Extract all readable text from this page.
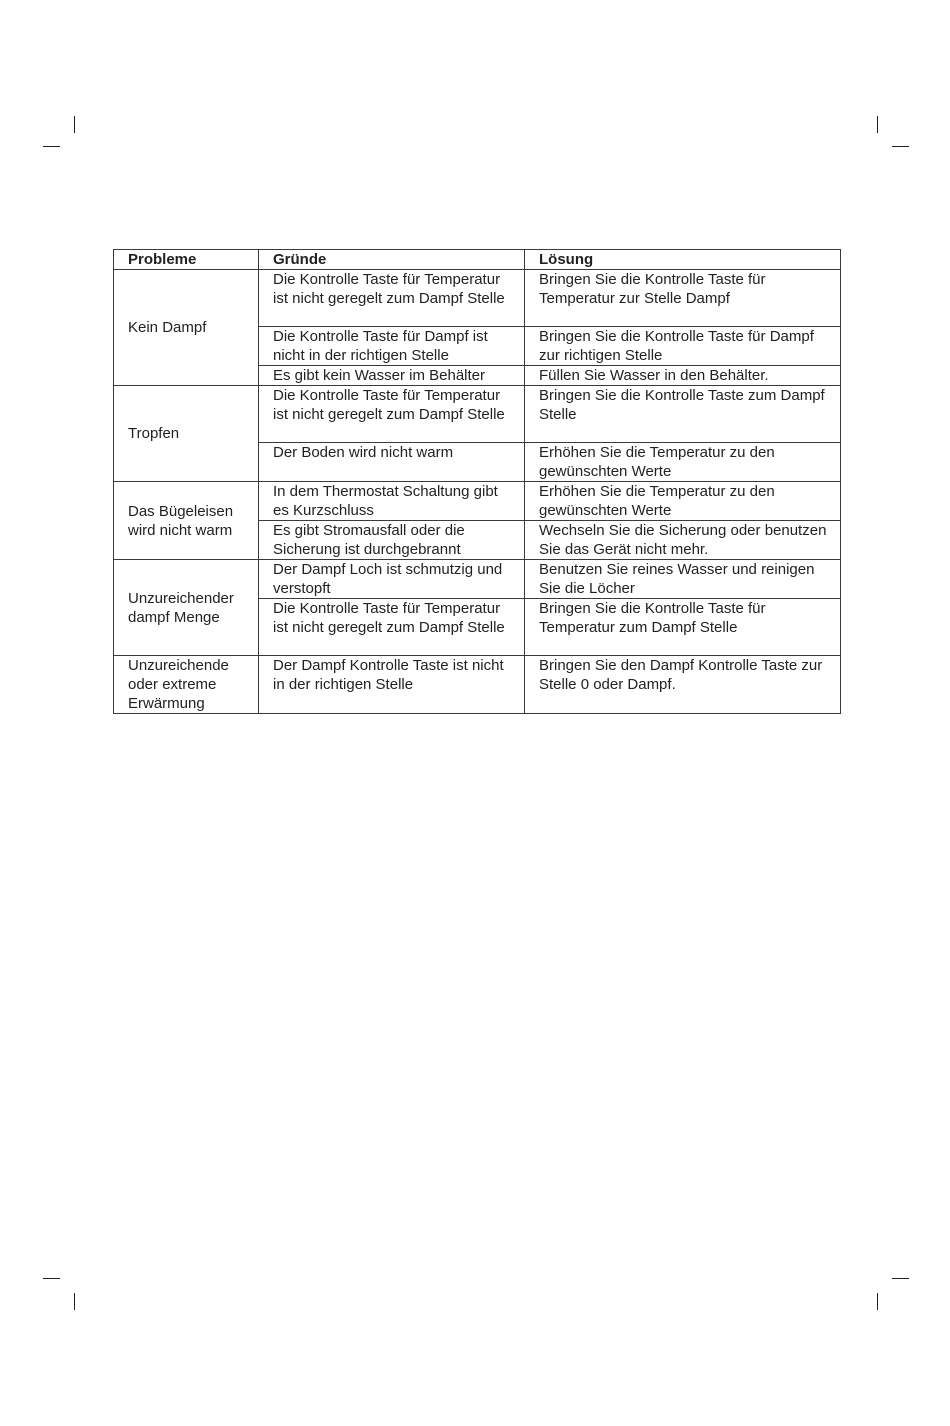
Probleme	Gründe	Lösung
Kein Dampf	Die Kontrolle Taste für Temperatur ist nicht geregelt zum Dampf Stelle	Bringen Sie die Kontrolle Taste für Temperatur zur Stelle Dampf
	Die Kontrolle Taste für Dampf ist nicht in der richtigen Stelle	Bringen Sie die Kontrolle Taste für Dampf zur richtigen Stelle
	Es gibt kein Wasser im Behälter	Füllen Sie Wasser in den Behälter.
Tropfen	Die Kontrolle Taste für Temperatur ist nicht geregelt zum Dampf Stelle	Bringen Sie die Kontrolle Taste zum Dampf Stelle
	Der Boden wird nicht warm	Erhöhen Sie die Temperatur zu den gewünschten Werte
Das Bügeleisen wird nicht warm	In dem Thermostat Schaltung gibt es Kurzschluss	Erhöhen Sie die Temperatur zu den gewünschten Werte
	Es gibt Stromausfall oder die Sicherung ist durchgebrannt	Wechseln Sie die Sicherung oder benutzen Sie das Gerät nicht mehr.
Unzureichender dampf Menge	Der Dampf Loch ist schmutzig und verstopft	Benutzen Sie reines Wasser und reinigen Sie die Löcher
	Die Kontrolle Taste für Temperatur ist nicht geregelt zum Dampf Stelle	Bringen Sie die Kontrolle Taste für Temperatur zum Dampf Stelle
Unzureichende oder extreme Erwärmung	Der Dampf Kontrolle Taste ist nicht in der richtigen Stelle	Bringen Sie den Dampf Kontrolle Taste zur Stelle 0 oder Dampf.
